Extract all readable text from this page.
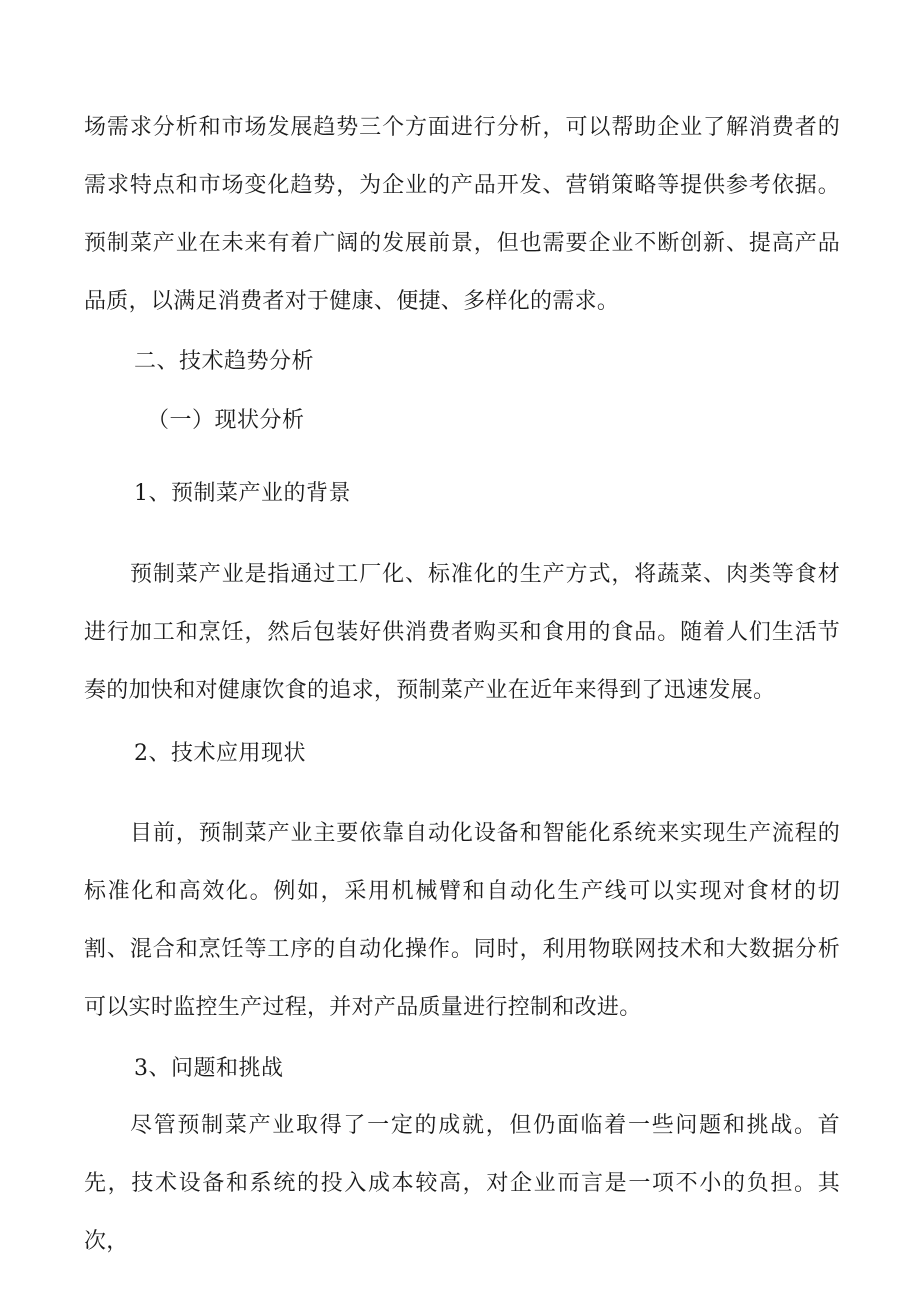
场需求分析和市场发展趋势三个方面进行分析，可以帮助企业了解消费者的需求特点和市场变化趋势，为企业的产品开发、营销策略等提供参考依据。预制菜产业在未来有着广阔的发展前景，但也需要企业不断创新、提高产品品质，以满足消费者对于健康、便捷、多样化的需求。

二、技术趋势分析
（一）现状分析
1、预制菜产业的背景

预制菜产业是指通过工厂化、标准化的生产方式，将蔬菜、肉类等食材进行加工和烹饪，然后包装好供消费者购买和食用的食品。随着人们生活节奏的加快和对健康饮食的追求，预制菜产业在近年来得到了迅速发展。

2、技术应用现状

目前，预制菜产业主要依靠自动化设备和智能化系统来实现生产流程的标准化和高效化。例如，采用机械臂和自动化生产线可以实现对食材的切割、混合和烹饪等工序的自动化操作。同时，利用物联网技术和大数据分析可以实时监控生产过程，并对产品质量进行控制和改进。

3、问题和挑战

尽管预制菜产业取得了一定的成就，但仍面临着一些问题和挑战。首先，技术设备和系统的投入成本较高，对企业而言是一项不小的负担。其次，
